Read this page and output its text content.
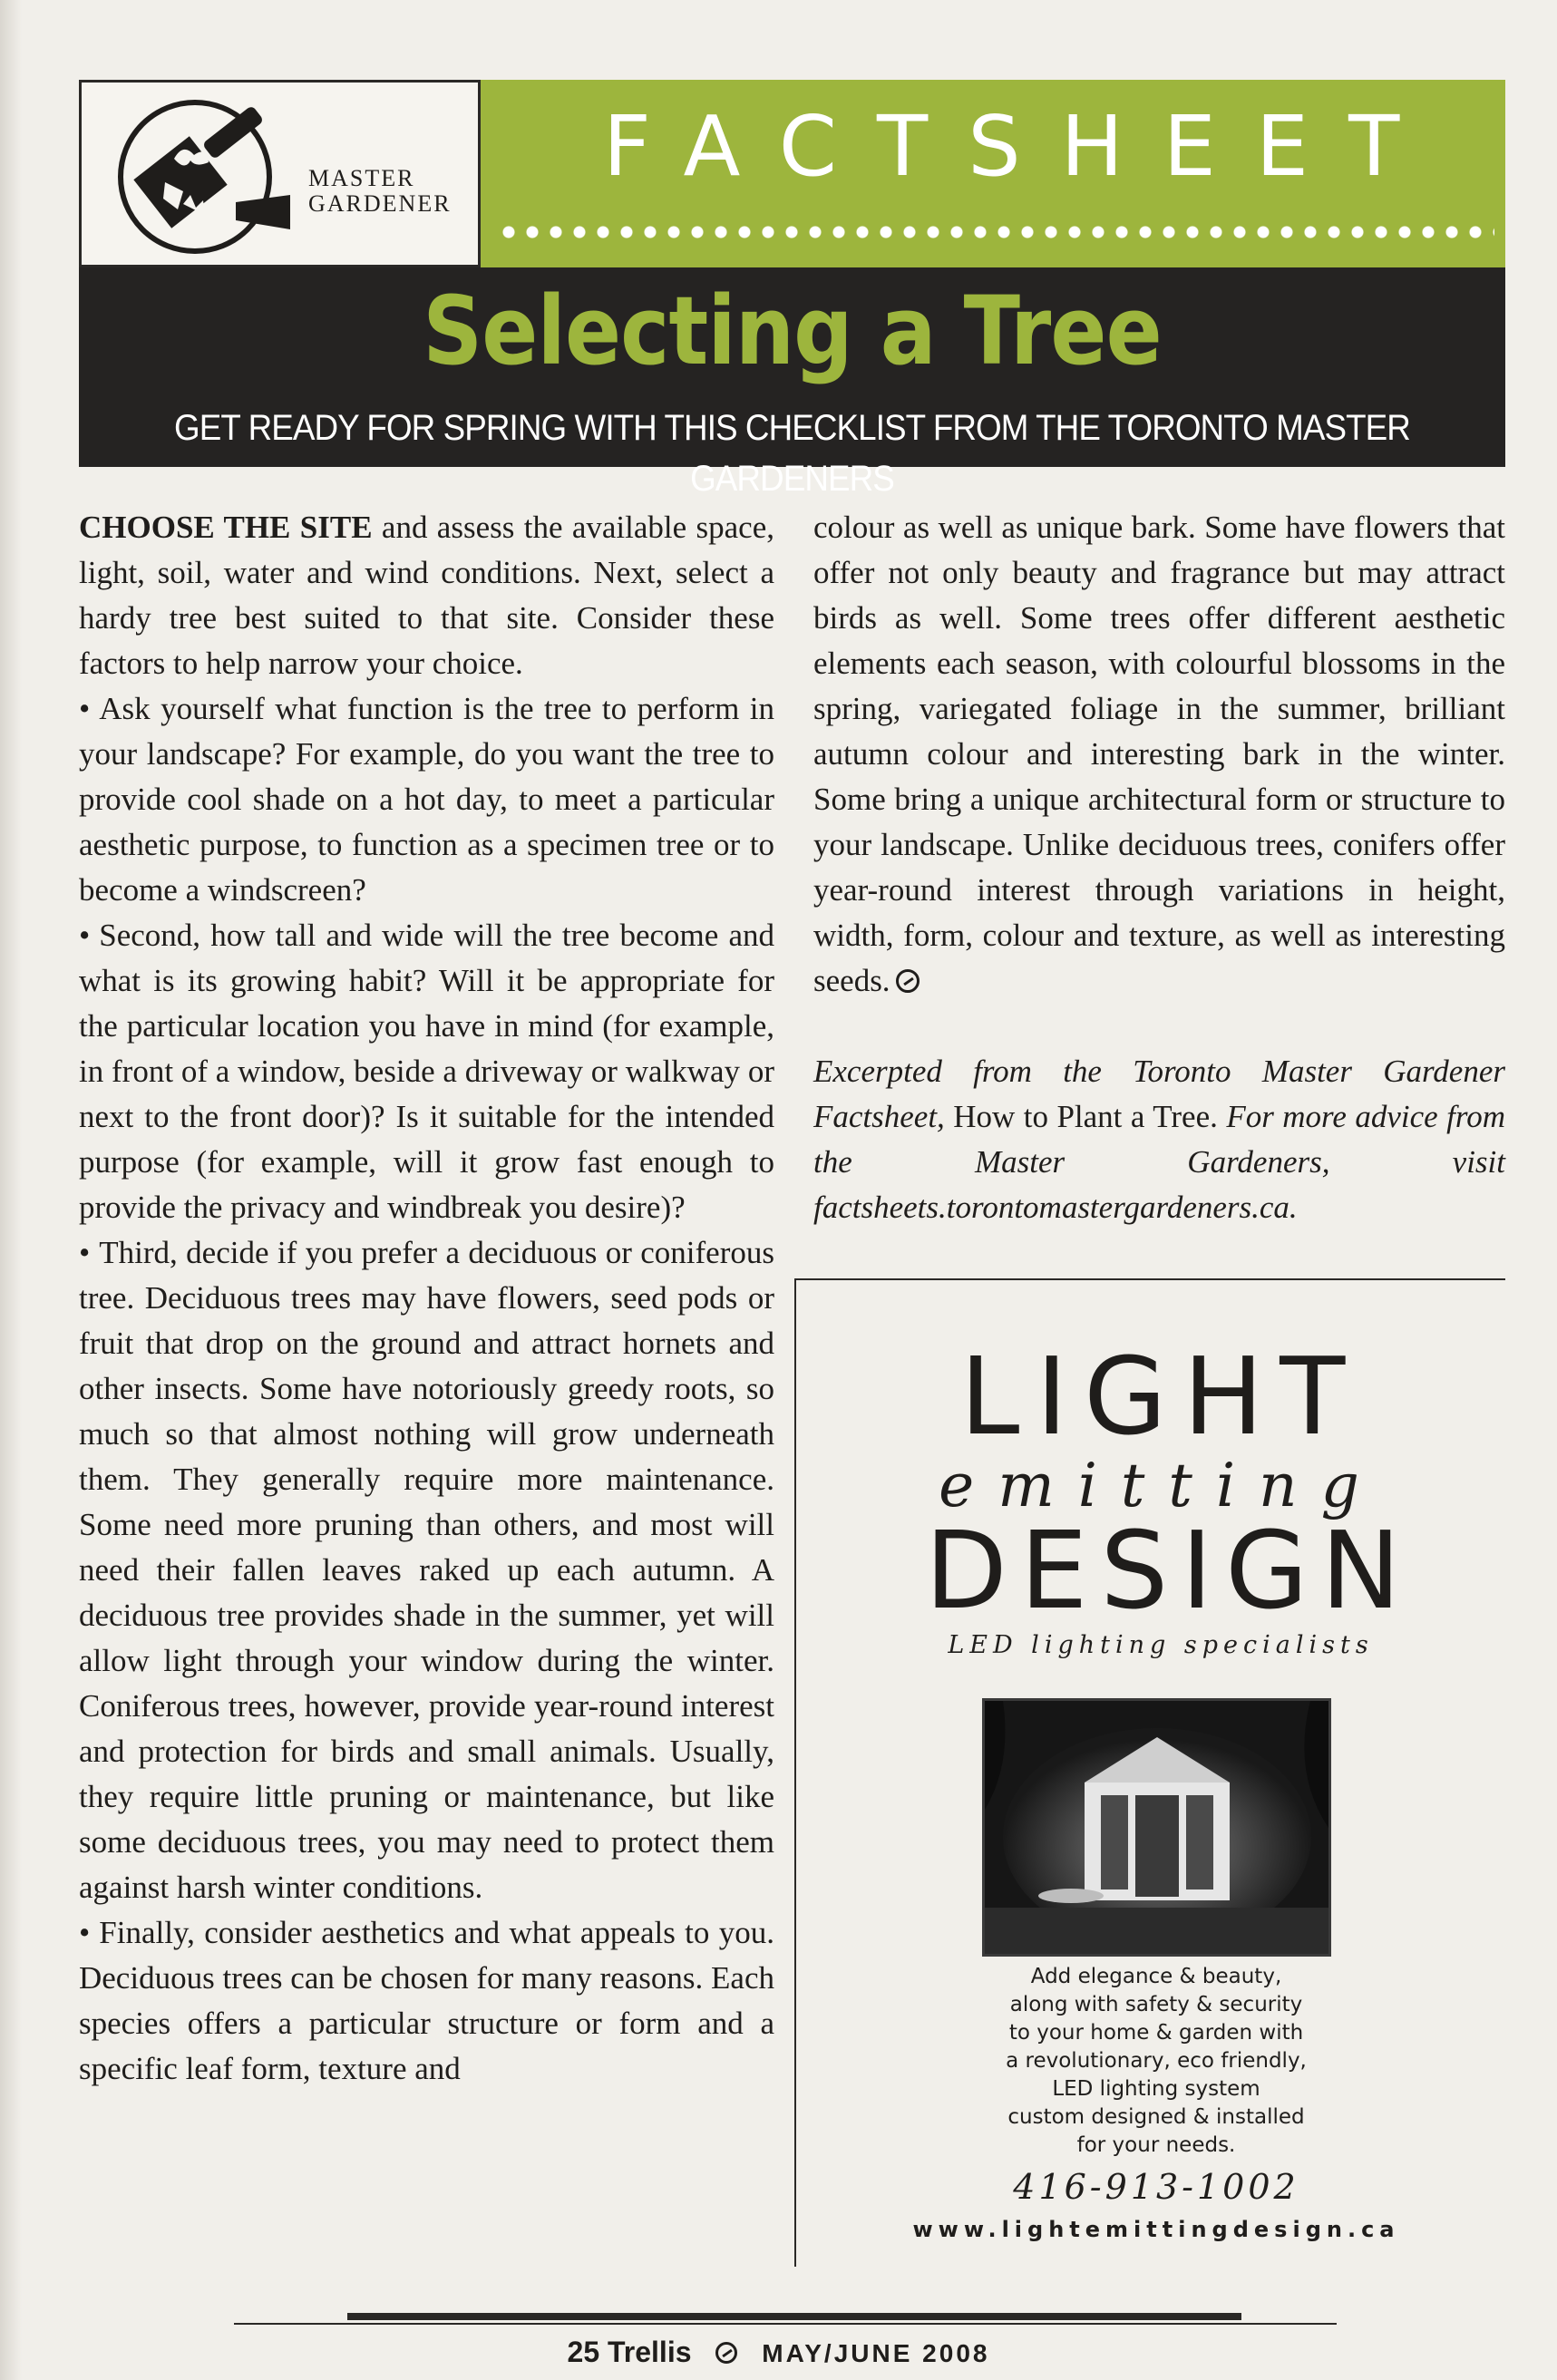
MASTER
GARDENER
FACTSHEET
Selecting a Tree
GET READY FOR SPRING WITH THIS CHECKLIST FROM THE TORONTO MASTER GARDENERS

CHOOSE THE SITE and assess the available space, light, soil, water and wind conditions. Next, select a hardy tree best suited to that site. Consider these factors to help narrow your choice.

• Ask yourself what function is the tree to perform in your landscape? For example, do you want the tree to provide cool shade on a hot day, to meet a particular aesthetic purpose, to function as a specimen tree or to become a windscreen?

• Second, how tall and wide will the tree become and what is its growing habit? Will it be appropriate for the particular location you have in mind (for example, in front of a window, beside a driveway or walkway or next to the front door)? Is it suitable for the intended purpose (for example, will it grow fast enough to provide the privacy and windbreak you desire)?

• Third, decide if you prefer a deciduous or coniferous tree. Deciduous trees may have flowers, seed pods or fruit that drop on the ground and attract hornets and other insects. Some have notoriously greedy roots, so much so that almost nothing will grow underneath them. They generally require more maintenance. Some need more pruning than others, and most will need their fallen leaves raked up each autumn. A deciduous tree provides shade in the summer, yet will allow light through your window during the winter. Coniferous trees, however, provide year-round interest and protection for birds and small animals. Usually, they require little pruning or maintenance, but like some deciduous trees, you may need to protect them against harsh winter conditions.

• Finally, consider aesthetics and what appeals to you. Deciduous trees can be chosen for many reasons. Each species offers a particular structure or form and a specific leaf form, texture and

colour as well as unique bark. Some have flowers that offer not only beauty and fragrance but may attract birds as well. Some trees offer different aesthetic elements each season, with colourful blossoms in the spring, variegated foliage in the summer, brilliant autumn colour and interesting bark in the winter. Some bring a unique architectural form or structure to your landscape. Unlike deciduous trees, conifers offer year-round interest through variations in height, width, form, colour and texture, as well as interesting seeds.

Excerpted from the Toronto Master Gardener Factsheet, How to Plant a Tree. For more advice from the Master Gardeners, visit factsheets.torontomastergardeners.ca.

LIGHT
emitting
DESIGN
LED lighting specialists
Add elegance & beauty,
along with safety & security
to your home & garden with
a revolutionary, eco friendly,
LED lighting system
custom designed & installed
for your needs.
416-913-1002
www.lightemittingdesign.ca
25 Trellis	MAY/JUNE 2008
